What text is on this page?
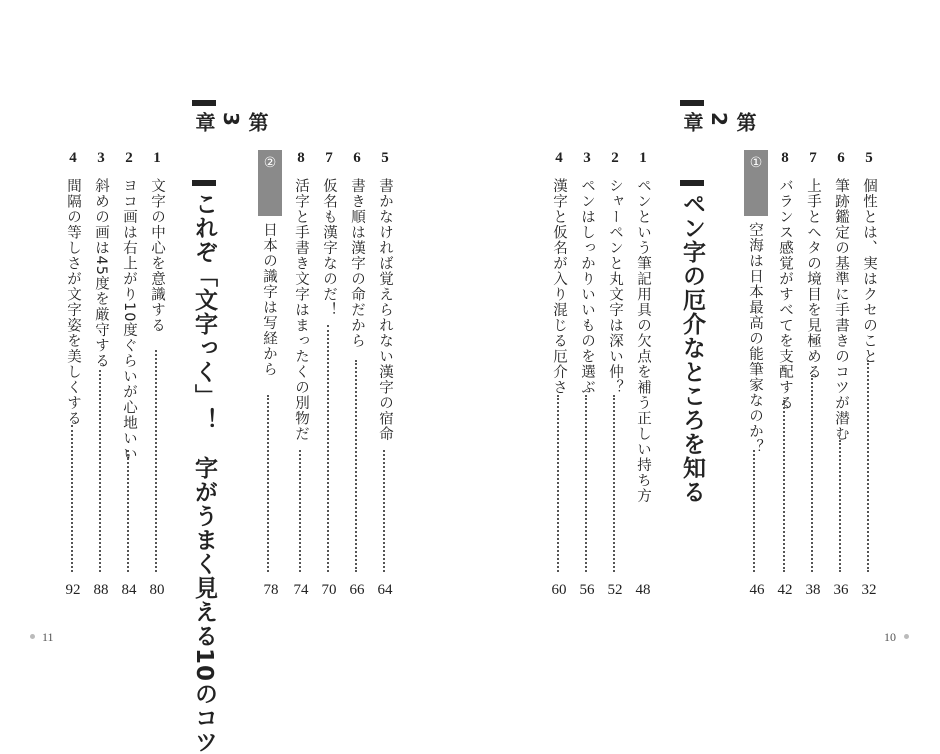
5
個性とは、実はクセのこと
32
6
筆跡鑑定の基準に手書きのコツが潜む
36
7
上手とヘタの境目を見極める
38
8
バランス感覚がすべてを支配する
42
コラム①
空海は日本最高の能筆家なのか？
46
第2章
ペン字の厄介なところを知る
1
ペンという筆記用具の欠点を補う正しい持ち方
48
2
シャーペンと丸文字は深い仲？
52
3
ペンはしっかりいいものを選ぶ
56
4
漢字と仮名が入り混じる厄介さ
60
10
5
書かなければ覚えられない漢字の宿命
64
6
書き順は漢字の命だから
66
7
仮名も漢字なのだ！
70
8
活字と手書き文字はまったくの別物だ
74
コラム②
日本の識字は写経から
78
第3章
これぞ「文字っく」！　字がうまく見える10のコツ
1
文字の中心を意識する
80
2
ヨコ画は右上がり10度ぐらいが心地いい
84
3
斜めの画は45度を厳守する
88
4
間隔の等しさが文字姿を美しくする
92
11
